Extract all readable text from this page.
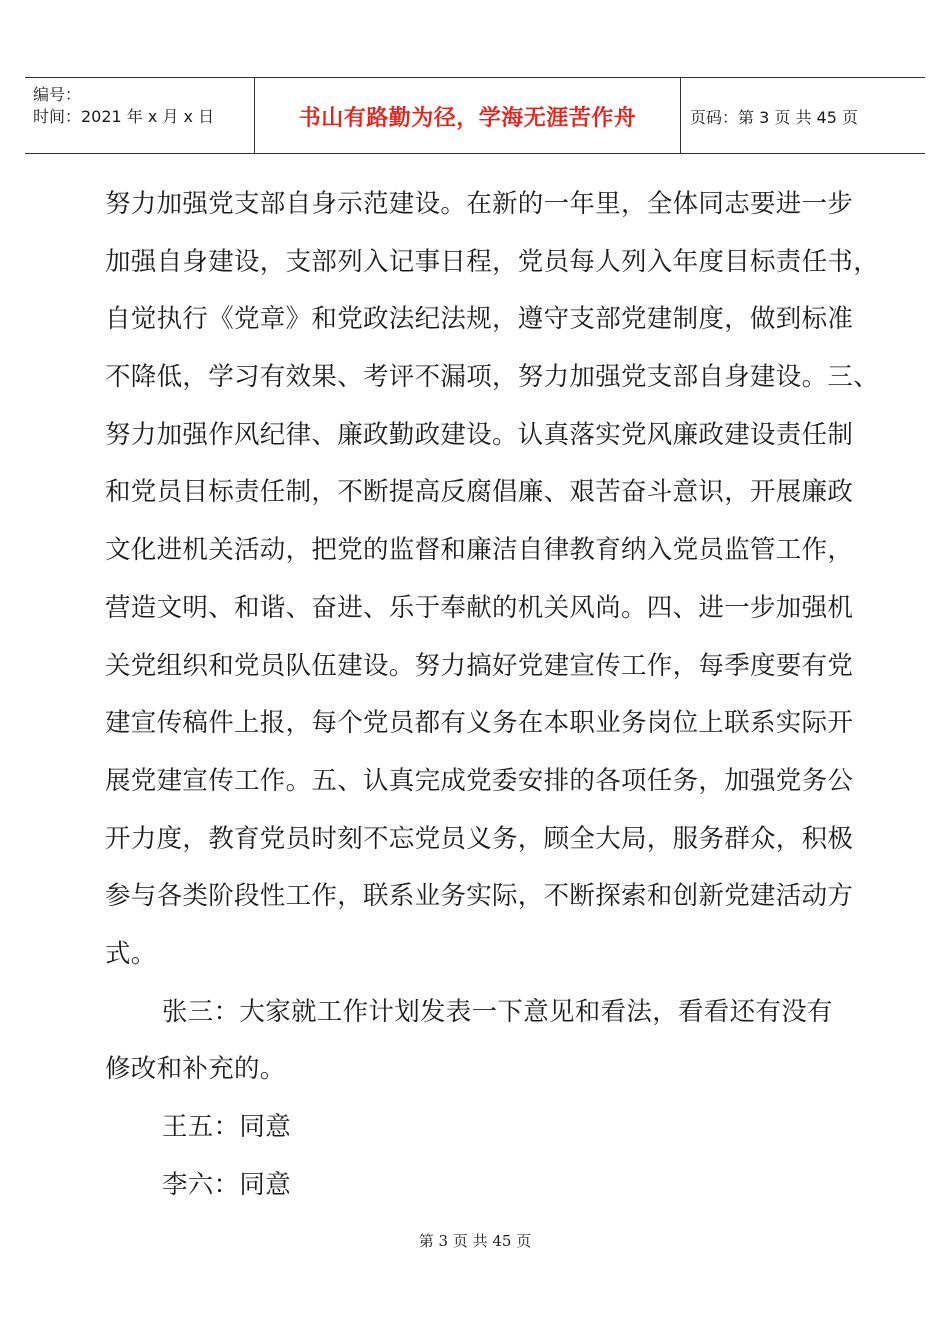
编号：
时间：2021 年 x 月 x 日	书山有路勤为径，学海无涯苦作舟	页码：第 3 页 共 45 页
努力加强党支部自身示范建设。在新的一年里，全体同志要进一步
加强自身建设，支部列入记事日程，党员每人列入年度目标责任书，
自觉执行《党章》和党政法纪法规，遵守支部党建制度，做到标准
不降低，学习有效果、考评不漏项，努力加强党支部自身建设。三、
努力加强作风纪律、廉政勤政建设。认真落实党风廉政建设责任制
和党员目标责任制，不断提高反腐倡廉、艰苦奋斗意识，开展廉政
文化进机关活动，把党的监督和廉洁自律教育纳入党员监管工作，
营造文明、和谐、奋进、乐于奉献的机关风尚。四、进一步加强机
关党组织和党员队伍建设。努力搞好党建宣传工作，每季度要有党
建宣传稿件上报，每个党员都有义务在本职业务岗位上联系实际开
展党建宣传工作。五、认真完成党委安排的各项任务，加强党务公
开力度，教育党员时刻不忘党员义务，顾全大局，服务群众，积极
参与各类阶段性工作，联系业务实际，不断探索和创新党建活动方
式。
张三：大家就工作计划发表一下意见和看法，看看还有没有
修改和补充的。
王五：同意
李六：同意
第 3 页 共 45 页
